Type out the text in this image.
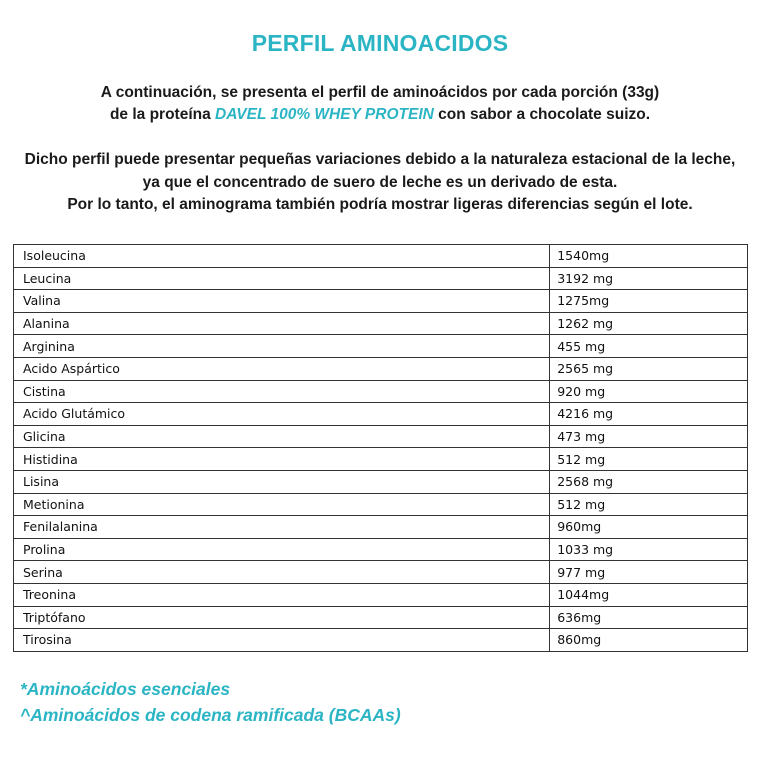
PERFIL AMINOACIDOS
A continuación, se presenta el perfil de aminoácidos por cada porción (33g)
de la proteína DAVEL 100% WHEY PROTEIN con sabor a chocolate suizo.
Dicho perfil puede presentar pequeñas variaciones debido a la naturaleza estacional de la leche,
ya que el concentrado de suero de leche es un derivado de esta.
Por lo tanto, el aminograma también podría mostrar ligeras diferencias según el lote.
Isoleucina	1540mg
Leucina	3192 mg
Valina	1275mg
Alanina	1262 mg
Arginina	455 mg
Acido Aspártico	2565 mg
Cistina	920 mg
Acido Glutámico	4216 mg
Glicina	473 mg
Histidina	512 mg
Lisina	2568 mg
Metionina	512 mg
Fenilalanina	960mg
Prolina	1033 mg
Serina	977 mg
Treonina	1044mg
Triptófano	636mg
Tirosina	860mg
*Aminoácidos esenciales
^Aminoácidos de codena ramificada (BCAAs)
